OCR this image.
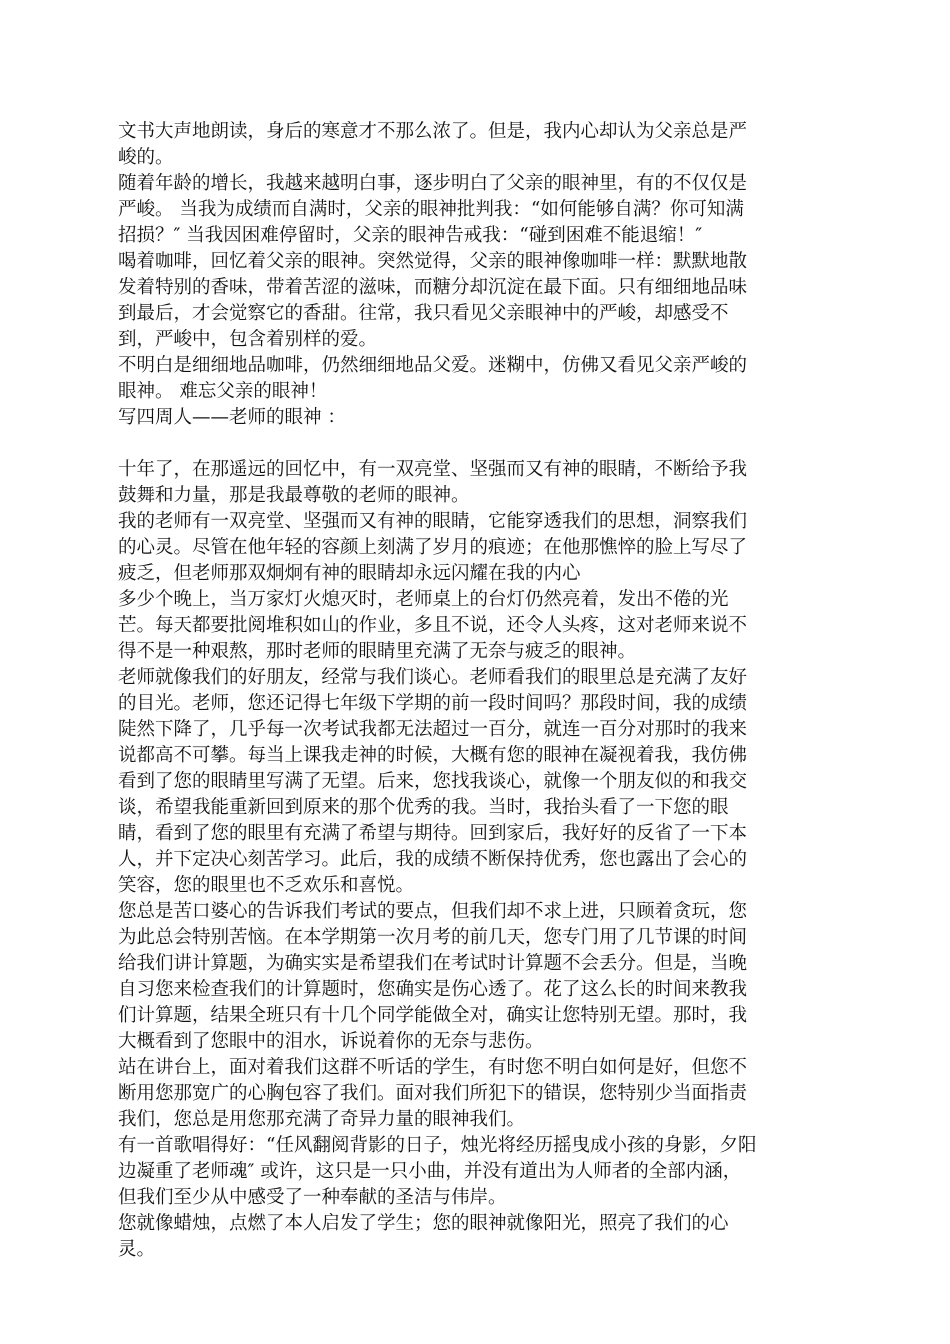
文书大声地朗读，身后的寒意才不那么浓了。但是，我内心却认为父亲总是严
峻的。
随着年龄的增长，我越来越明白事，逐步明白了父亲的眼神里，有的不仅仅是
严峻。 当我为成绩而自满时，父亲的眼神批判我：“如何能够自满？你可知满
招损？″ 当我因困难停留时，父亲的眼神告戒我：“碰到困难不能退缩！″
喝着咖啡，回忆着父亲的眼神。突然觉得，父亲的眼神像咖啡一样：默默地散
发着特别的香味，带着苦涩的滋味，而糖分却沉淀在最下面。只有细细地品味
到最后，才会觉察它的香甜。往常，我只看见父亲眼神中的严峻，却感受不
到，严峻中，包含着别样的爱。
不明白是细细地品咖啡，仍然细细地品父爱。迷糊中，仿佛又看见父亲严峻的
眼神。 难忘父亲的眼神！
写四周人——老师的眼神 ：
十年了，在那遥远的回忆中，有一双亮堂、坚强而又有神的眼睛，不断给予我
鼓舞和力量，那是我最尊敬的老师的眼神。
我的老师有一双亮堂、坚强而又有神的眼睛，它能穿透我们的思想，洞察我们
的心灵。尽管在他年轻的容颜上刻满了岁月的痕迹；在他那憔悴的脸上写尽了
疲乏，但老师那双炯炯有神的眼睛却永远闪耀在我的内心
多少个晚上，当万家灯火熄灭时，老师桌上的台灯仍然亮着，发出不倦的光
芒。每天都要批阅堆积如山的作业，多且不说，还令人头疼，这对老师来说不
得不是一种艰熬，那时老师的眼睛里充满了无奈与疲乏的眼神。
老师就像我们的好朋友，经常与我们谈心。老师看我们的眼里总是充满了友好
的目光。老师，您还记得七年级下学期的前一段时间吗？那段时间，我的成绩
陡然下降了，几乎每一次考试我都无法超过一百分，就连一百分对那时的我来
说都高不可攀。每当上课我走神的时候，大概有您的眼神在凝视着我，我仿佛
看到了您的眼睛里写满了无望。后来，您找我谈心，就像一个朋友似的和我交
谈，希望我能重新回到原来的那个优秀的我。当时，我抬头看了一下您的眼
睛，看到了您的眼里有充满了希望与期待。回到家后，我好好的反省了一下本
人，并下定决心刻苦学习。此后，我的成绩不断保持优秀，您也露出了会心的
笑容，您的眼里也不乏欢乐和喜悦。
您总是苦口婆心的告诉我们考试的要点，但我们却不求上进，只顾着贪玩，您
为此总会特别苦恼。在本学期第一次月考的前几天，您专门用了几节课的时间
给我们讲计算题，为确实实是希望我们在考试时计算题不会丢分。但是，当晚
自习您来检查我们的计算题时，您确实是伤心透了。花了这么长的时间来教我
们计算题，结果全班只有十几个同学能做全对，确实让您特别无望。那时，我
大概看到了您眼中的泪水，诉说着你的无奈与悲伤。
站在讲台上，面对着我们这群不听话的学生，有时您不明白如何是好，但您不
断用您那宽广的心胸包容了我们。面对我们所犯下的错误，您特别少当面指责
我们，您总是用您那充满了奇异力量的眼神我们。
有一首歌唱得好：“任风翻阅背影的日子，烛光将经历摇曳成小孩的身影，夕阳
边凝重了老师魂″ 或许，这只是一只小曲，并没有道出为人师者的全部内涵，
但我们至少从中感受了一种奉献的圣洁与伟岸。
您就像蜡烛，点燃了本人启发了学生；您的眼神就像阳光，照亮了我们的心
灵。
